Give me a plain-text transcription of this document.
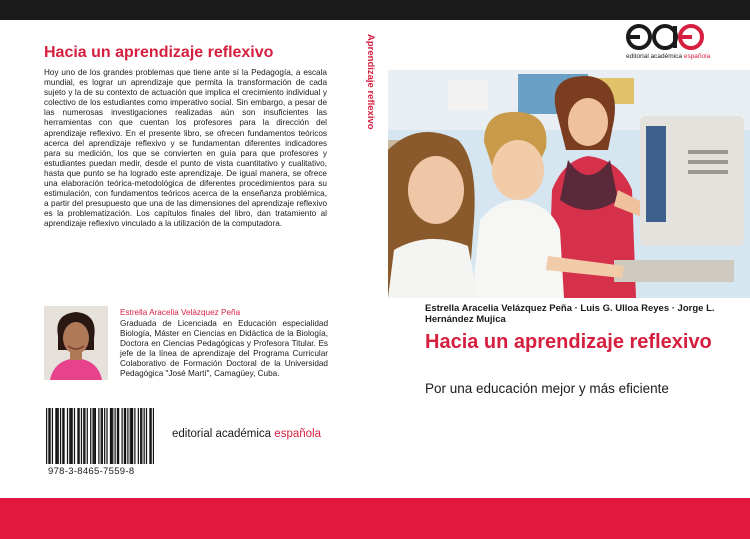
Hacia un aprendizaje reflexivo
Hoy uno de los grandes problemas que tiene ante sí la Pedagogía, a escala mundial, es lograr un aprendizaje que permita la transformación de cada sujeto y la de su contexto de actuación que implica el crecimiento individual y colectivo de los estudiantes como imperativo social. Sin embargo, a pesar de las numerosas investigaciones realizadas aún son insuficientes las herramientas con que cuentan los profesores para la dirección del aprendizaje reflexivo. En el presente libro, se ofrecen fundamentos teóricos acerca del aprendizaje reflexivo y se fundamentan diferentes indicadores para su medición, los que se convierten en guía para que profesores y estudiantes puedan medir, desde el punto de vista cuantitativo y cualitativo, hasta que punto se ha logrado este aprendizaje. De igual manera, se ofrece una elaboración teórica-metodológica de diferentes procedimientos para su estimulación, con fundamentos teóricos acerca de la enseñanza problémica, a partir del presupuesto que una de las dimensiones del aprendizaje reflexivo es la problematización. Los capítulos finales del libro, dan tratamiento al aprendizaje reflexivo vinculado a la utilización de la computadora.
Estrella Aracelia Velázquez Peña
Graduada de Licenciada en Educación especialidad Biología, Máster en Ciencias en Didáctica de la Biología, Doctora en Ciencias Pedagógicas y Profesora Titular. Es jefe de la línea de aprendizaje del Programa Curricular Colaborativo de Formación Doctoral de la Universidad Pedagógica "José Martí", Camagüey, Cuba.
978-3-8465-7559-8
editorial académica española
Aprendizaje reflexivo	editorial académica española
Estrella Aracelia Velázquez Peña · Luis G. Ulloa Reyes · Jorge L. Hernández Mujica
Hacia un aprendizaje reflexivo
Por una educación mejor y más eficiente
